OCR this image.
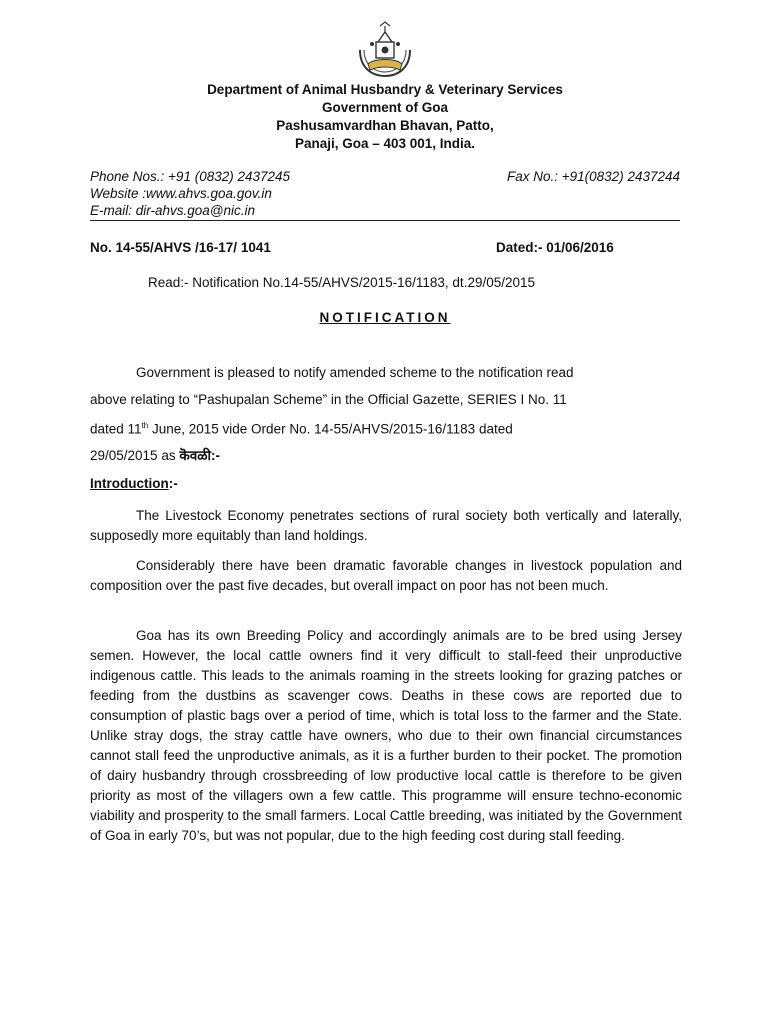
Department of Animal Husbandry & Veterinary Services
Government of Goa
Pashusamvardhan Bhavan, Patto,
Panaji, Goa – 403 001, India.
Phone Nos.: +91 (0832) 2437245	Fax No.: +91(0832) 2437244
Website :www.ahvs.goa.gov.in
E-mail: dir-ahvs.goa@nic.in
No. 14-55/AHVS /16-17/ 1041	Dated:- 01/06/2016
Read:- Notification No.14-55/AHVS/2015-16/1183, dt.29/05/2015
NOTIFICATION
Government is pleased to notify amended scheme to the notification read
above relating to “Pashupalan Scheme” in the Official Gazette, SERIES I No. 11
dated 11th June, 2015 vide Order No. 14-55/AHVS/2015-16/1183 dated
29/05/2015 as कॆवळी:-
Introduction:-

The Livestock Economy penetrates sections of rural society both vertically and laterally, supposedly more equitably than land holdings.

Considerably there have been dramatic favorable changes in livestock population and composition over the past five decades, but overall impact on poor has not been much.

Goa has its own Breeding Policy and accordingly animals are to be bred using Jersey semen. However, the local cattle owners find it very difficult to stall-feed their unproductive indigenous cattle. This leads to the animals roaming in the streets looking for grazing patches or feeding from the dustbins as scavenger cows. Deaths in these cows are reported due to consumption of plastic bags over a period of time, which is total loss to the farmer and the State. Unlike stray dogs, the stray cattle have owners, who due to their own financial circumstances cannot stall feed the unproductive animals, as it is a further burden to their pocket. The promotion of dairy husbandry through crossbreeding of low productive local cattle is therefore to be given priority as most of the villagers own a few cattle. This programme will ensure techno-economic viability and prosperity to the small farmers. Local Cattle breeding, was initiated by the Government of Goa in early 70’s, but was not popular, due to the high feeding cost during stall feeding.
